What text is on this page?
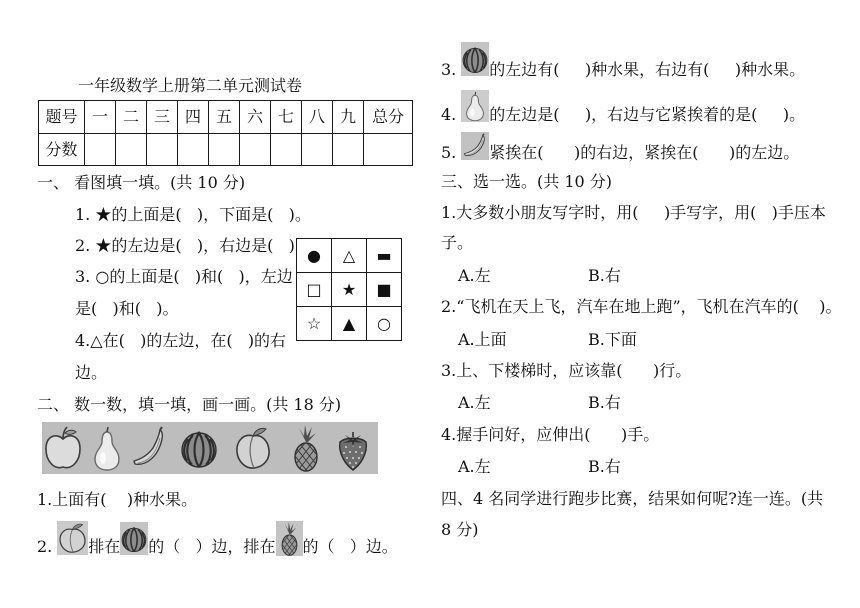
一年级数学上册第二单元测试卷
题号	一	二	三	四	五	六	七	八	九	总分
分数										
一、 看图填一填。(共 10 分)
1. ★的上面是(   )，下面是(   )。
2. ★的左边是(   )，右边是(   )
3. ○的上面是(   )和(   )，左边
是(   )和(   )。
4.△在(   )的左边，在(   )的右
边。
●	△	▬
□	★	■
☆	▲	○
二、 数一数，填一填，画一画。(共 18 分)
1.上面有(    )种水果。
2. 排在 的（   ）边，排在 的（   ）边。
3. 的左边有(     )种水果，右边有(     )种水果。
4. 的左边是(     )，右边与它紧挨着的是(     )。
5. 紧挨在(      )的右边，紧挨在(      )的左边。
三、选一选。(共 10 分)
1.大多数小朋友写字时，用(     )手写字，用(   )手压本
子。
A.左	B.右
2.“飞机在天上飞，汽车在地上跑”，飞机在汽车的(    )。
A.上面	B.下面
3.上、下楼梯时，应该靠(      )行。
A.左	B.右
4.握手问好，应伸出(      )手。
A.左	B.右
四、4 名同学进行跑步比赛，结果如何呢?连一连。(共
8 分)
